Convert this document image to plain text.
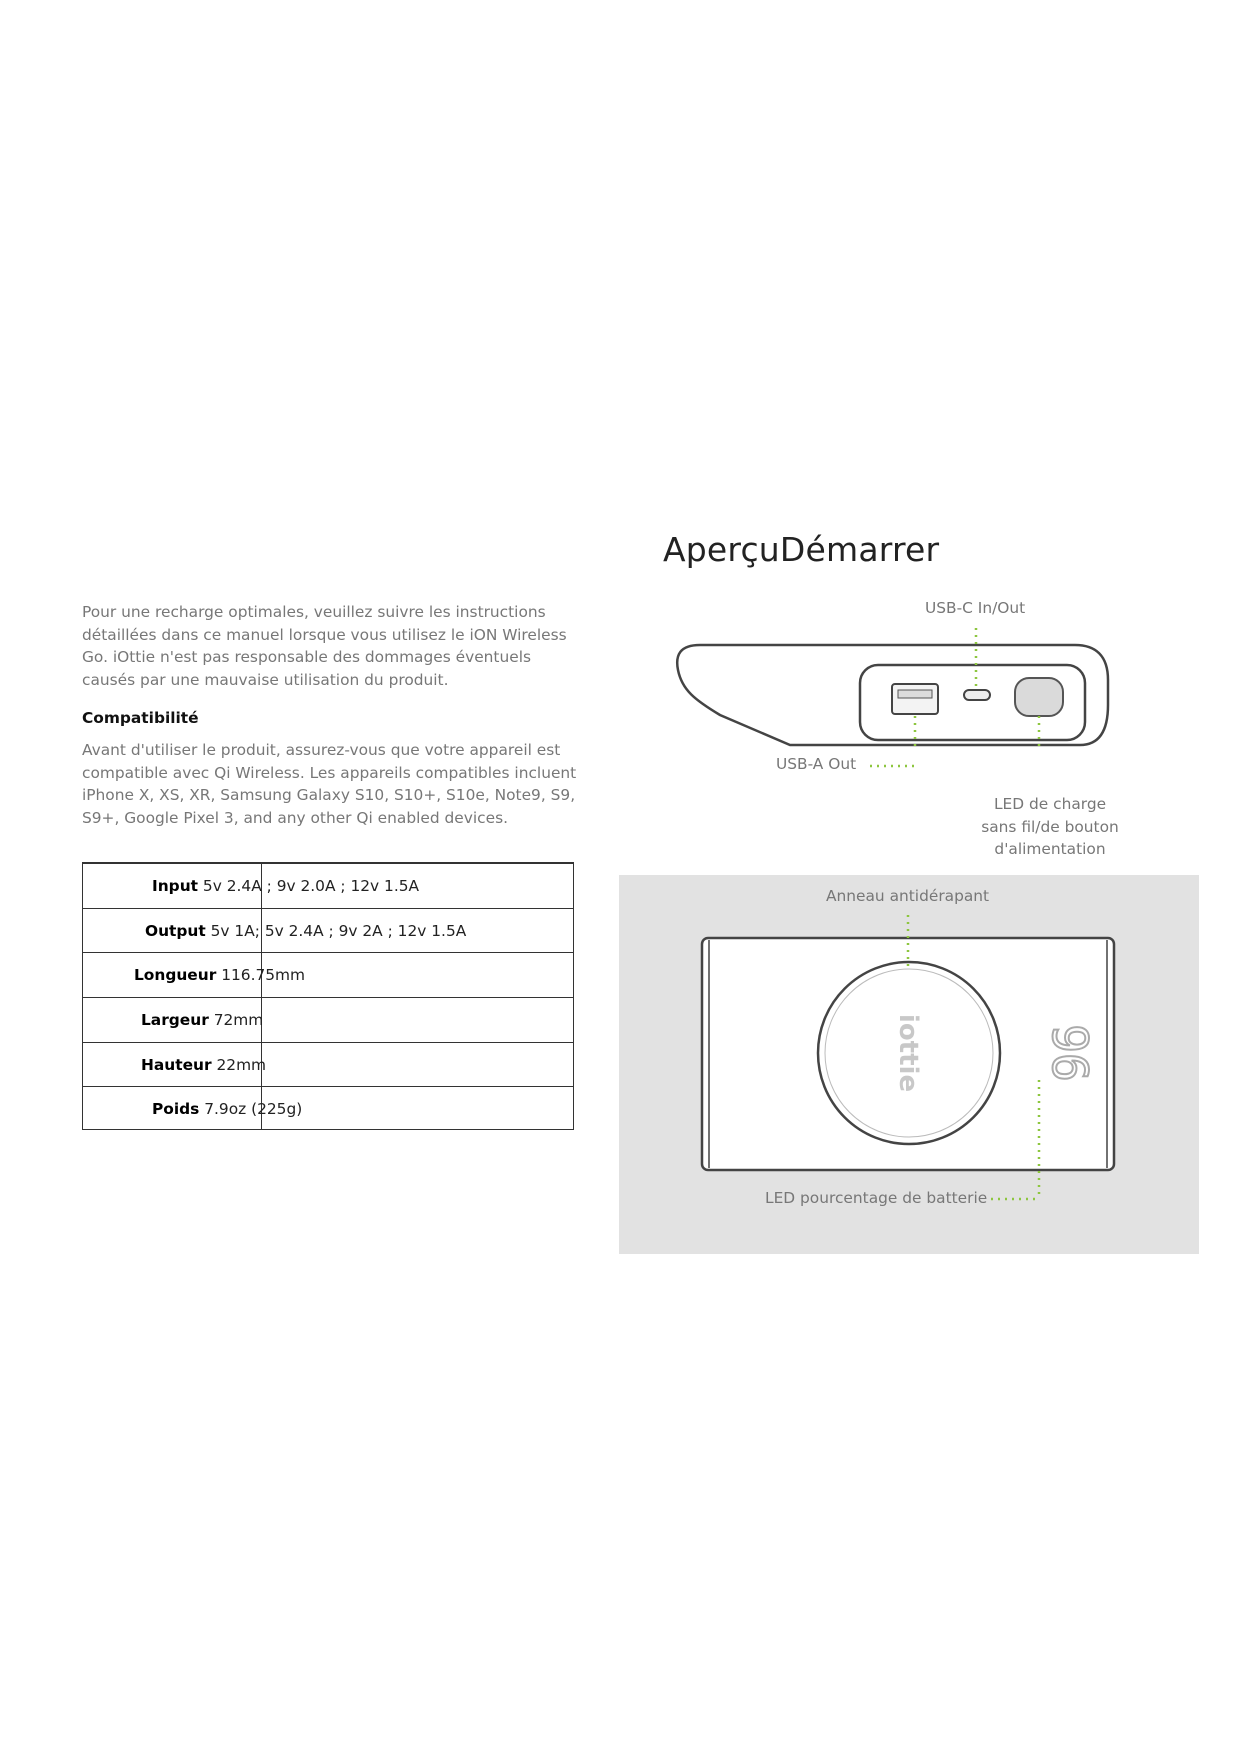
Pour une recharge optimales, veuillez suivre les instructions détaillées dans ce manuel lorsque vous utilisez le iON Wireless Go. iOttie n'est pas responsable des dommages éventuels causés par une mauvaise utilisation du produit.
Compatibilité
Avant d'utiliser le produit, assurez-vous que votre appareil est compatible avec Qi Wireless. Les appareils compatibles incluent iPhone X, XS, XR, Samsung Galaxy S10, S10+, S10e, Note9, S9, S9+, Google Pixel 3, and any other Qi enabled devices.
Input 5v 2.4A ; 9v 2.0A ; 12v 1.5A
Output 5v 1A; 5v 2.4A ; 9v 2A ; 12v 1.5A
Longueur 116.75mm
Largeur 72mm
Hauteur 22mm
Poids 7.9oz (225g)
AperçuDémarrer
USB-C In/Out
USB-A Out
LED de charge
sans fil/de bouton
d'alimentation
iottie 96
Anneau antidérapant
LED pourcentage de batterie
